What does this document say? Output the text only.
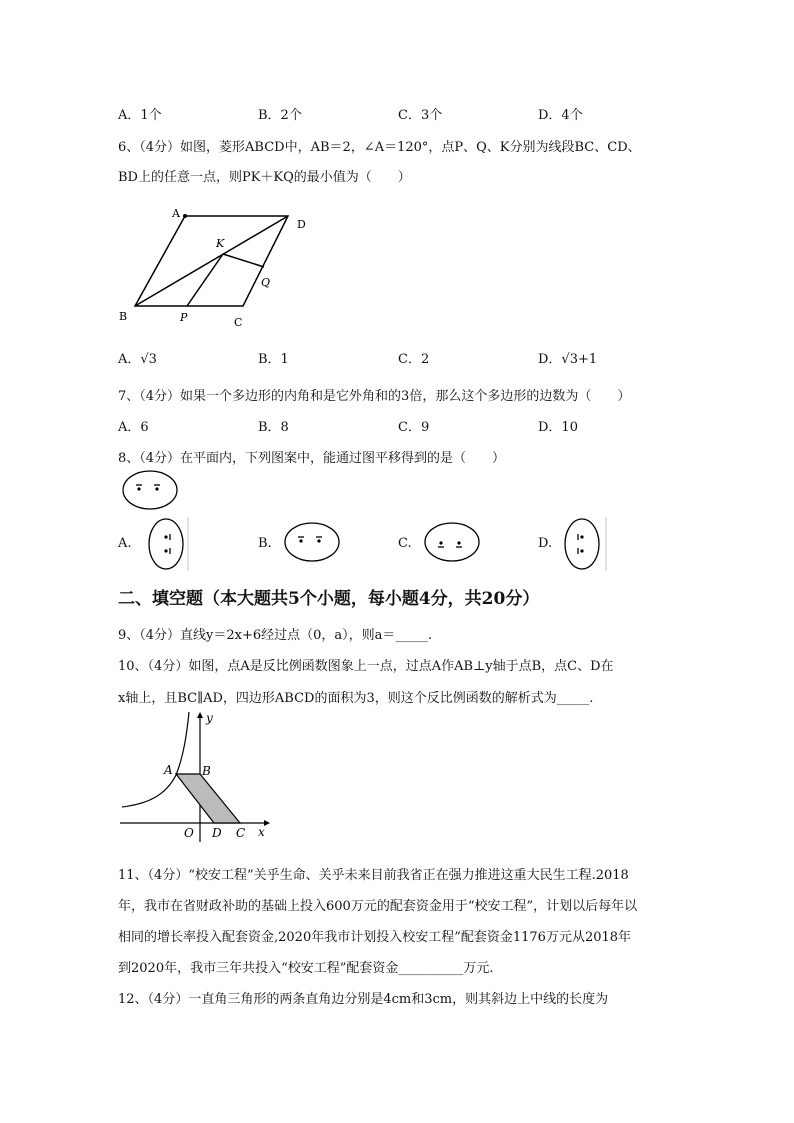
A．1个	B．2个	C．3个	D．4个
6、（4分）如图，菱形ABCD中，AB＝2，∠A＝120°，点P、Q、K分别为线段BC、CD、
BD上的任意一点，则PK＋KQ的最小值为（　　）
A
D
K
Q
B	P	C
A．√3	B．1	C．2	D．√3+1
7、（4分）如果一个多边形的内角和是它外角和的3倍，那么这个多边形的边数为（　　）
A．6	B．8	C．9	D．10
8、（4分）在平面内，下列图案中，能通过图平移得到的是（　　）
A.	B.	C.	D.
二、填空题（本大题共5个小题，每小题4分，共20分）
9、（4分）直线y＝2x+6经过点（0，a），则a＝_____.
10、（4分）如图，点A是反比例函数图象上一点，过点A作AB⊥y轴于点B，点C、D在
x轴上，且BC∥AD，四边形ABCD的面积为3，则这个反比例函数的解析式为_____.
y
A B
O D C x
11、（4分）“校安工程”关乎生命、关乎未来目前我省正在强力推进这重大民生工程.2018
年，我市在省财政补助的基础上投入600万元的配套资金用于“校安工程”，计划以后每年以
相同的增长率投入配套资金,2020年我市计划投入校安工程”配套资金1176万元从2018年
到2020年，我市三年共投入“校安工程”配套资金__________万元.
12、（4分）一直角三角形的两条直角边分别是4cm和3cm，则其斜边上中线的长度为
